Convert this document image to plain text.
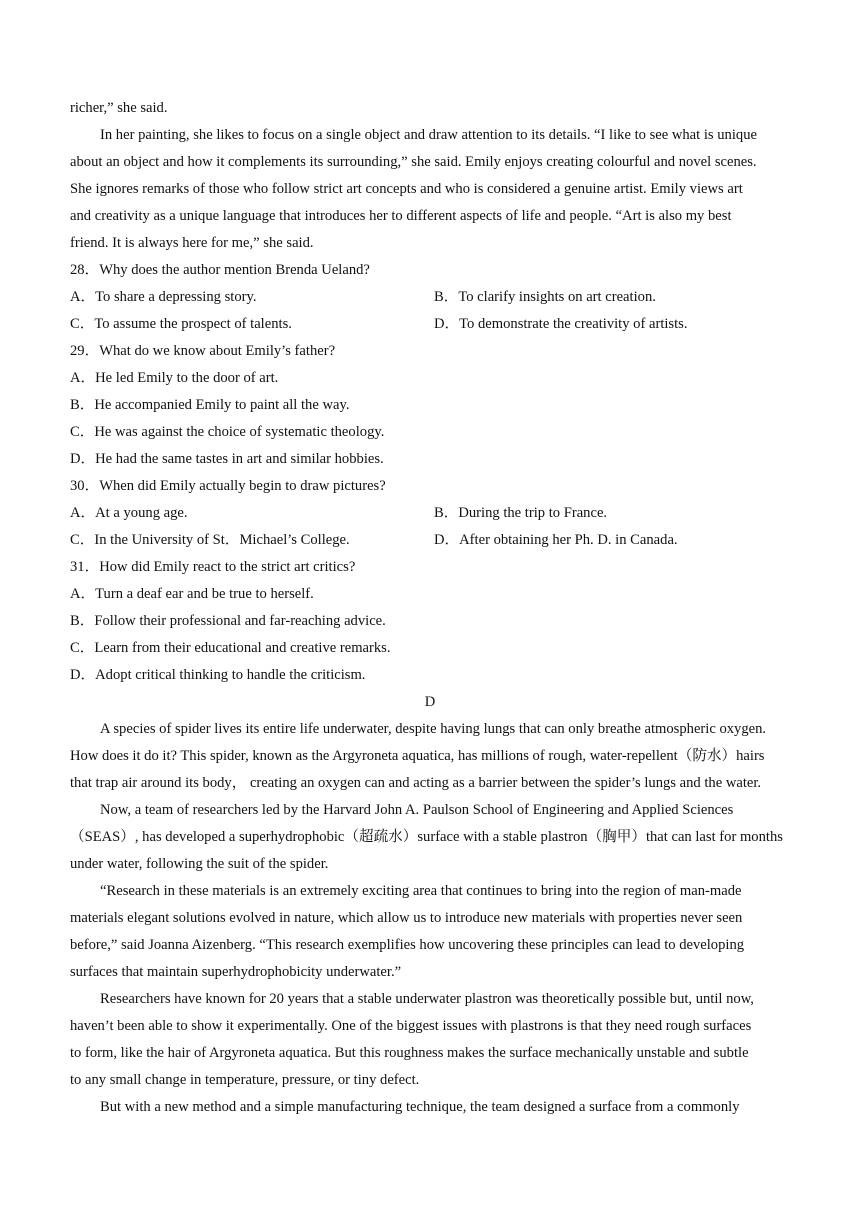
richer,” she said.
In her painting, she likes to focus on a single object and draw attention to its details. “I like to see what is unique
about an object and how it complements its surrounding,” she said. Emily enjoys creating colourful and novel scenes.
She ignores remarks of those who follow strict art concepts and who is considered a genuine artist. Emily views art
and creativity as a unique language that introduces her to different aspects of life and people. “Art is also my best
friend. It is always here for me,” she said.
28．Why does the author mention Brenda Ueland?
A．To share a depressing story.	B．To clarify insights on art creation.
C．To assume the prospect of talents.	D．To demonstrate the creativity of artists.
29．What do we know about Emily’s father?
A．He led Emily to the door of art.
B．He accompanied Emily to paint all the way.
C．He was against the choice of systematic theology.
D．He had the same tastes in art and similar hobbies.
30．When did Emily actually begin to draw pictures?
A．At a young age.	B．During the trip to France.
C．In the University of St．Michael’s College.	D．After obtaining her Ph. D. in Canada.
31．How did Emily react to the strict art critics?
A．Turn a deaf ear and be true to herself.
B．Follow their professional and far-reaching advice.
C．Learn from their educational and creative remarks.
D．Adopt critical thinking to handle the criticism.
D
A species of spider lives its entire life underwater, despite having lungs that can only breathe atmospheric oxygen.
How does it do it? This spider, known as the Argyroneta aquatica, has millions of rough, water-repellent（防水）hairs
that trap air around its body， creating an oxygen can and acting as a barrier between the spider’s lungs and the water.
Now, a team of researchers led by the Harvard John A. Paulson School of Engineering and Applied Sciences
（SEAS）, has developed a superhydrophobic（超疏水）surface with a stable plastron（胸甲）that can last for months
under water, following the suit of the spider.
“Research in these materials is an extremely exciting area that continues to bring into the region of man-made
materials elegant solutions evolved in nature, which allow us to introduce new materials with properties never seen
before,” said Joanna Aizenberg. “This research exemplifies how uncovering these principles can lead to developing
surfaces that maintain superhydrophobicity underwater.”
Researchers have known for 20 years that a stable underwater plastron was theoretically possible but, until now,
haven’t been able to show it experimentally. One of the biggest issues with plastrons is that they need rough surfaces
to form, like the hair of Argyroneta aquatica. But this roughness makes the surface mechanically unstable and subtle
to any small change in temperature, pressure, or tiny defect.
But with a new method and a simple manufacturing technique, the team designed a surface from a commonly
